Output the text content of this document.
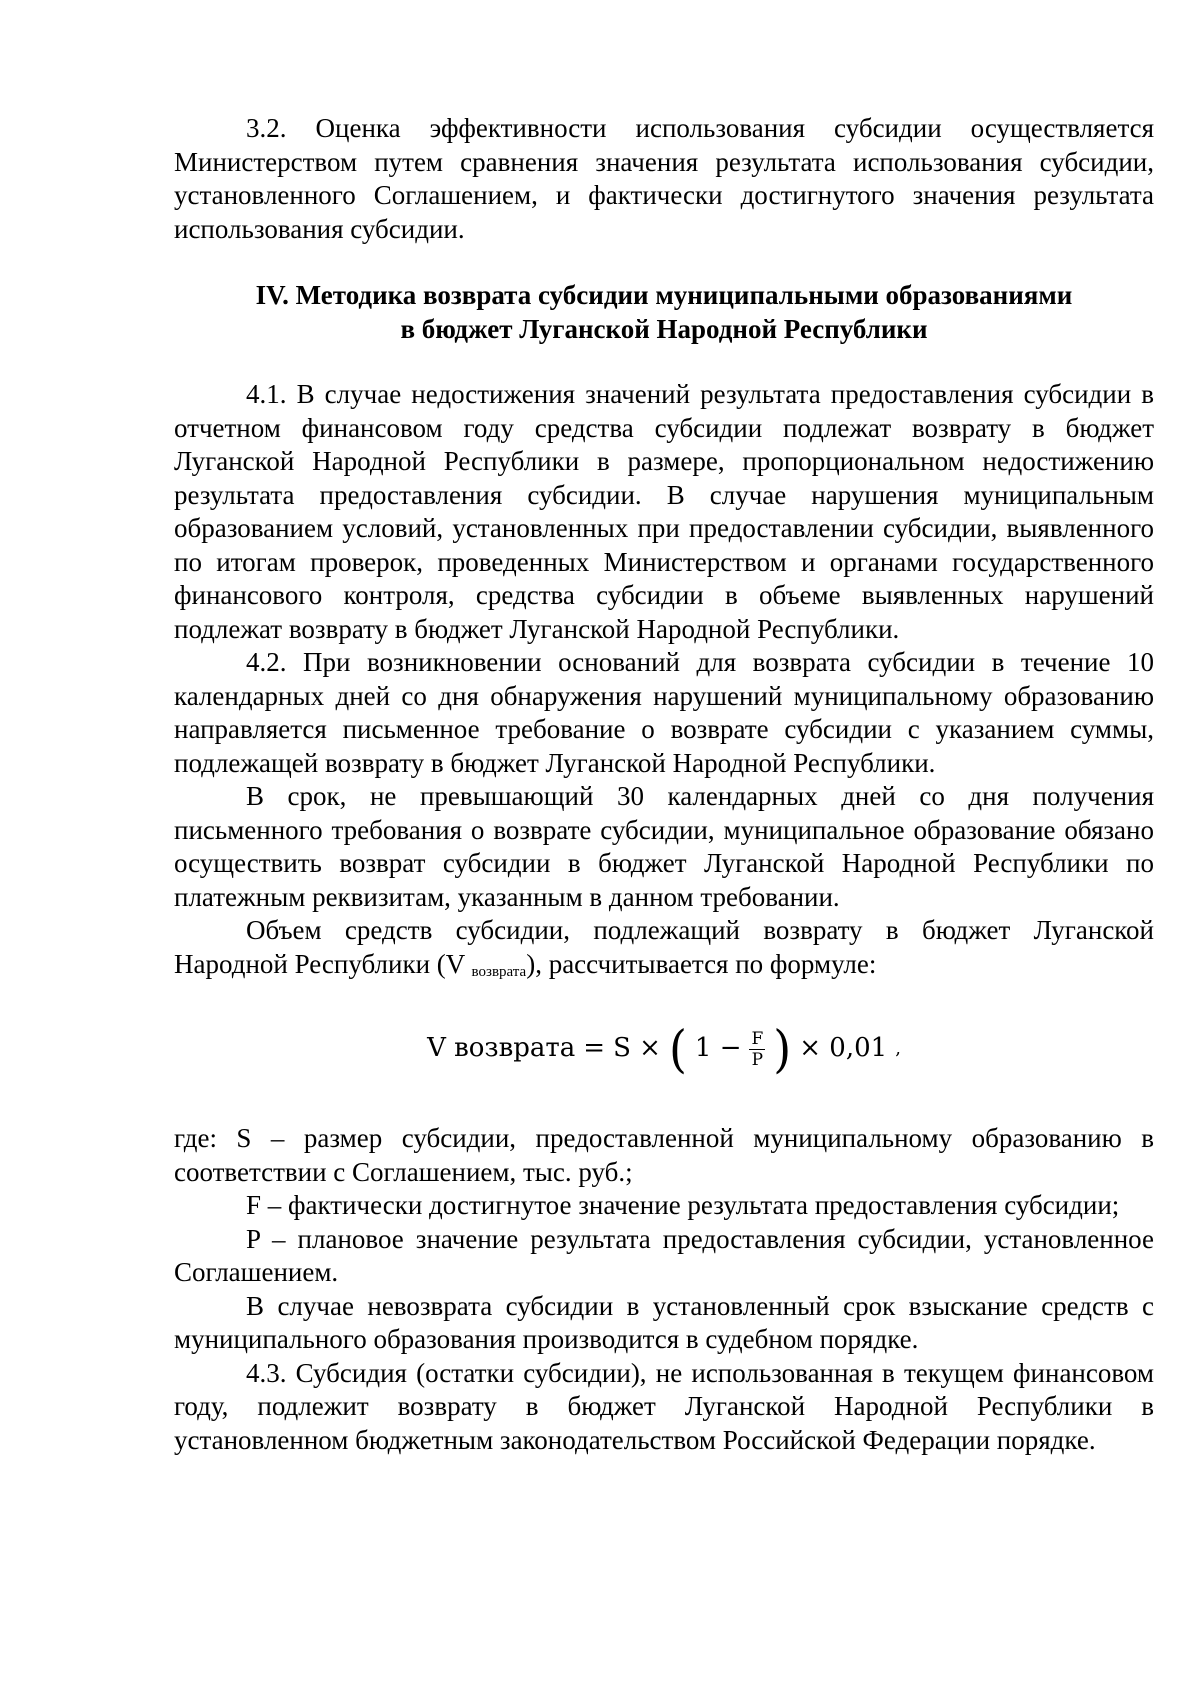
3.2. Оценка эффективности использования субсидии осуществляется Министерством путем сравнения значения результата использования субсидии, установленного Соглашением, и фактически достигнутого значения результата использования субсидии.

IV. Методика возврата субсидии муниципальными образованиями
в бюджет Луганской Народной Республики

4.1. В случае недостижения значений результата предоставления субсидии в отчетном финансовом году средства субсидии подлежат возврату в бюджет Луганской Народной Республики в размере, пропорциональном недостижению результата предоставления субсидии. В случае нарушения муниципальным образованием условий, установленных при предоставлении субсидии, выявленного по итогам проверок, проведенных Министерством и органами государственного финансового контроля, средства субсидии в объеме выявленных нарушений подлежат возврату в бюджет Луганской Народной Республики.

4.2. При возникновении оснований для возврата субсидии в течение 10 календарных дней со дня обнаружения нарушений муниципальному образованию направляется письменное требование о возврате субсидии с указанием суммы, подлежащей возврату в бюджет Луганской Народной Республики.

В срок, не превышающий 30 календарных дней со дня получения письменного требования о возврате субсидии, муниципальное образование обязано осуществить возврат субсидии в бюджет Луганской Народной Республики по платежным реквизитам, указанным в данном требовании.

Объем средств субсидии, подлежащий возврату в бюджет Луганской Народной Республики (V $_{возврата}$), рассчитывается по формуле:

V возврата = S × ( $1 - \frac{F}{P}$ ) × 0,01 ,

где: S – размер субсидии, предоставленной муниципальному образованию в соответствии с Соглашением, тыс. руб.;

F – фактически достигнутое значение результата предоставления субсидии;

P – плановое значение результата предоставления субсидии, установленное Соглашением.

В случае невозврата субсидии в установленный срок взыскание средств с муниципального образования производится в судебном порядке.

4.3. Субсидия (остатки субсидии), не использованная в текущем финансовом году, подлежит возврату в бюджет Луганской Народной Республики в установленном бюджетным законодательством Российской Федерации порядке.
